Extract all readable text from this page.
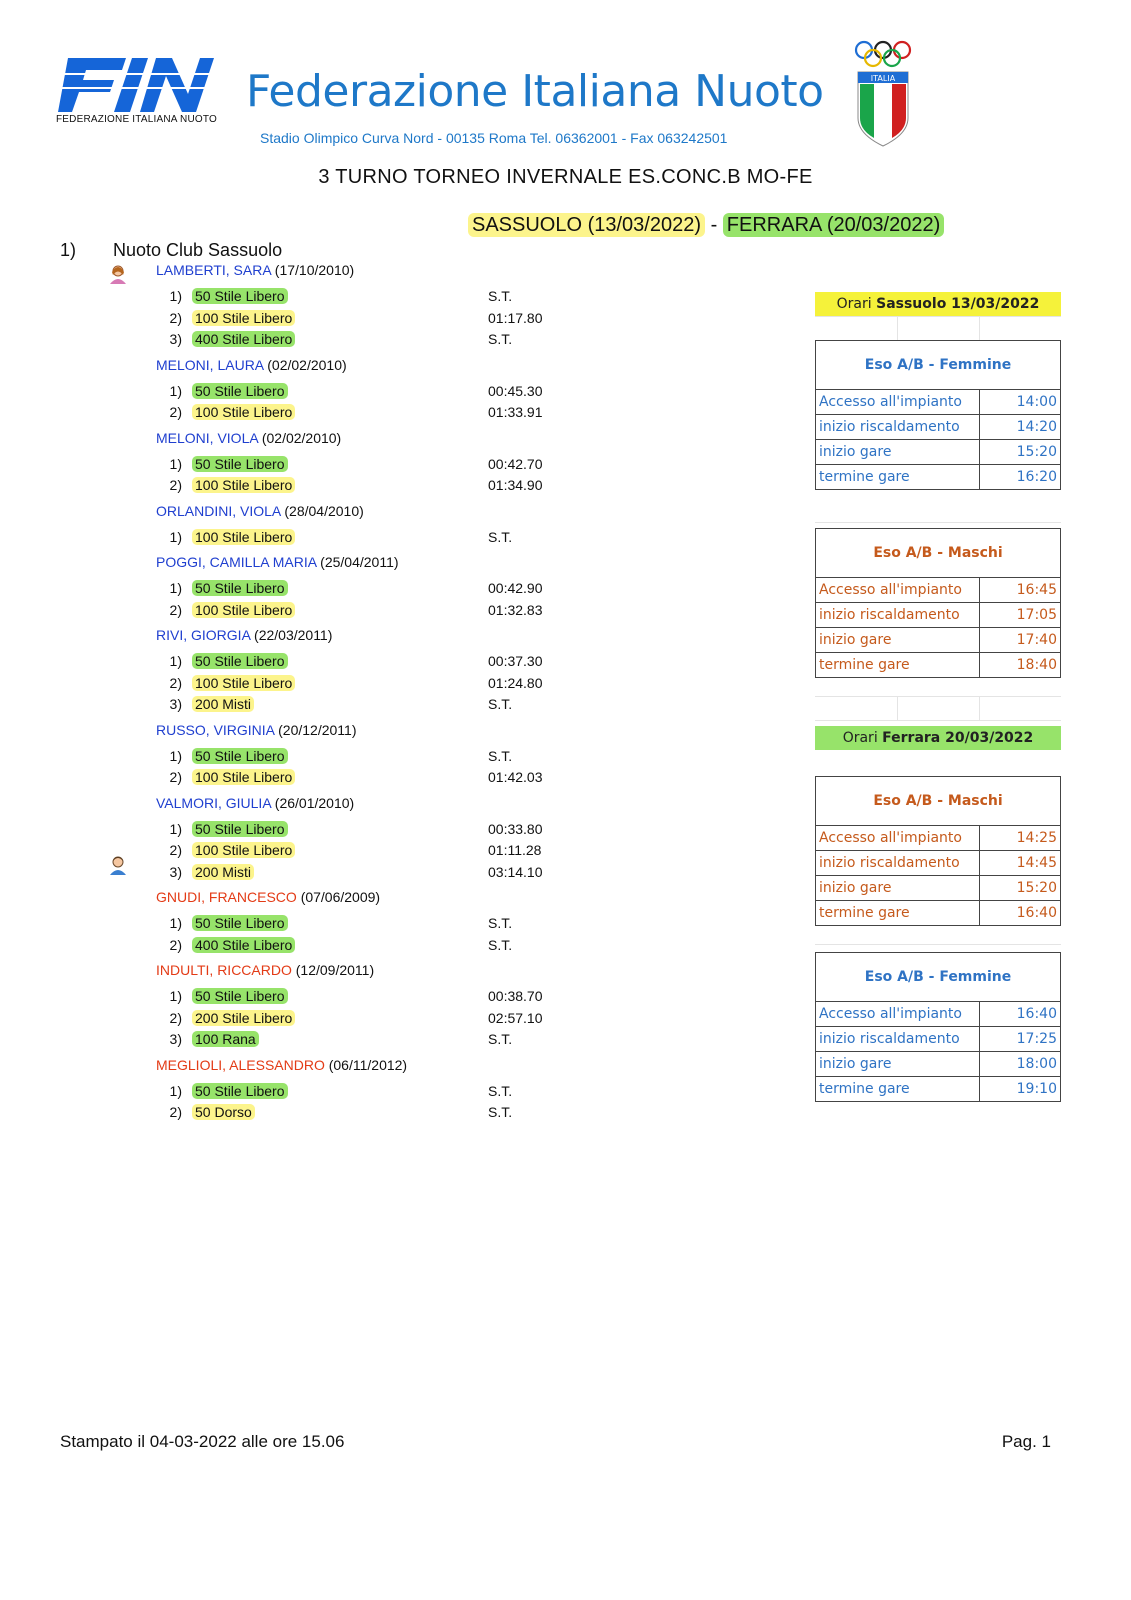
FEDERAZIONE ITALIANA NUOTO
Federazione Italiana Nuoto
Stadio Olimpico Curva Nord - 00135 Roma Tel. 06362001 - Fax 063242501
ITALIA
3 TURNO TORNEO INVERNALE ES.CONC.B MO-FE
SASSUOLO (13/03/2022) - FERRARA (20/03/2022)
1) Nuoto Club Sassuolo
LAMBERTI, SARA (17/10/2010)
1) 50 Stile Libero	S.T.
2) 100 Stile Libero	01:17.80
3) 400 Stile Libero	S.T.
MELONI, LAURA (02/02/2010)
1) 50 Stile Libero	00:45.30
2) 100 Stile Libero	01:33.91
MELONI, VIOLA (02/02/2010)
1) 50 Stile Libero	00:42.70
2) 100 Stile Libero	01:34.90
ORLANDINI, VIOLA (28/04/2010)
1) 100 Stile Libero	S.T.
POGGI, CAMILLA MARIA (25/04/2011)
1) 50 Stile Libero	00:42.90
2) 100 Stile Libero	01:32.83
RIVI, GIORGIA (22/03/2011)
1) 50 Stile Libero	00:37.30
2) 100 Stile Libero	01:24.80
3) 200 Misti	S.T.
RUSSO, VIRGINIA (20/12/2011)
1) 50 Stile Libero	S.T.
2) 100 Stile Libero	01:42.03
VALMORI, GIULIA (26/01/2010)
1) 50 Stile Libero	00:33.80
2) 100 Stile Libero	01:11.28
3) 200 Misti	03:14.10
GNUDI, FRANCESCO (07/06/2009)
1) 50 Stile Libero	S.T.
2) 400 Stile Libero	S.T.
INDULTI, RICCARDO (12/09/2011)
1) 50 Stile Libero	00:38.70
2) 200 Stile Libero	02:57.10
3) 100 Rana	S.T.
MEGLIOLI, ALESSANDRO (06/11/2012)
1) 50 Stile Libero	S.T.
2) 50 Dorso	S.T.
Orari Sassuolo 13/03/2022
Eso A/B - Femmine
Accesso all'impianto	14:00
inizio riscaldamento	14:20
inizio gare	15:20
termine gare	16:20
Eso A/B - Maschi
Accesso all'impianto	16:45
inizio riscaldamento	17:05
inizio gare	17:40
termine gare	18:40
Orari Ferrara 20/03/2022
Eso A/B - Maschi
Accesso all'impianto	14:25
inizio riscaldamento	14:45
inizio gare	15:20
termine gare	16:40
Eso A/B - Femmine
Accesso all'impianto	16:40
inizio riscaldamento	17:25
inizio gare	18:00
termine gare	19:10
Stampato il 04-03-2022 alle ore 15.06	Pag. 1
